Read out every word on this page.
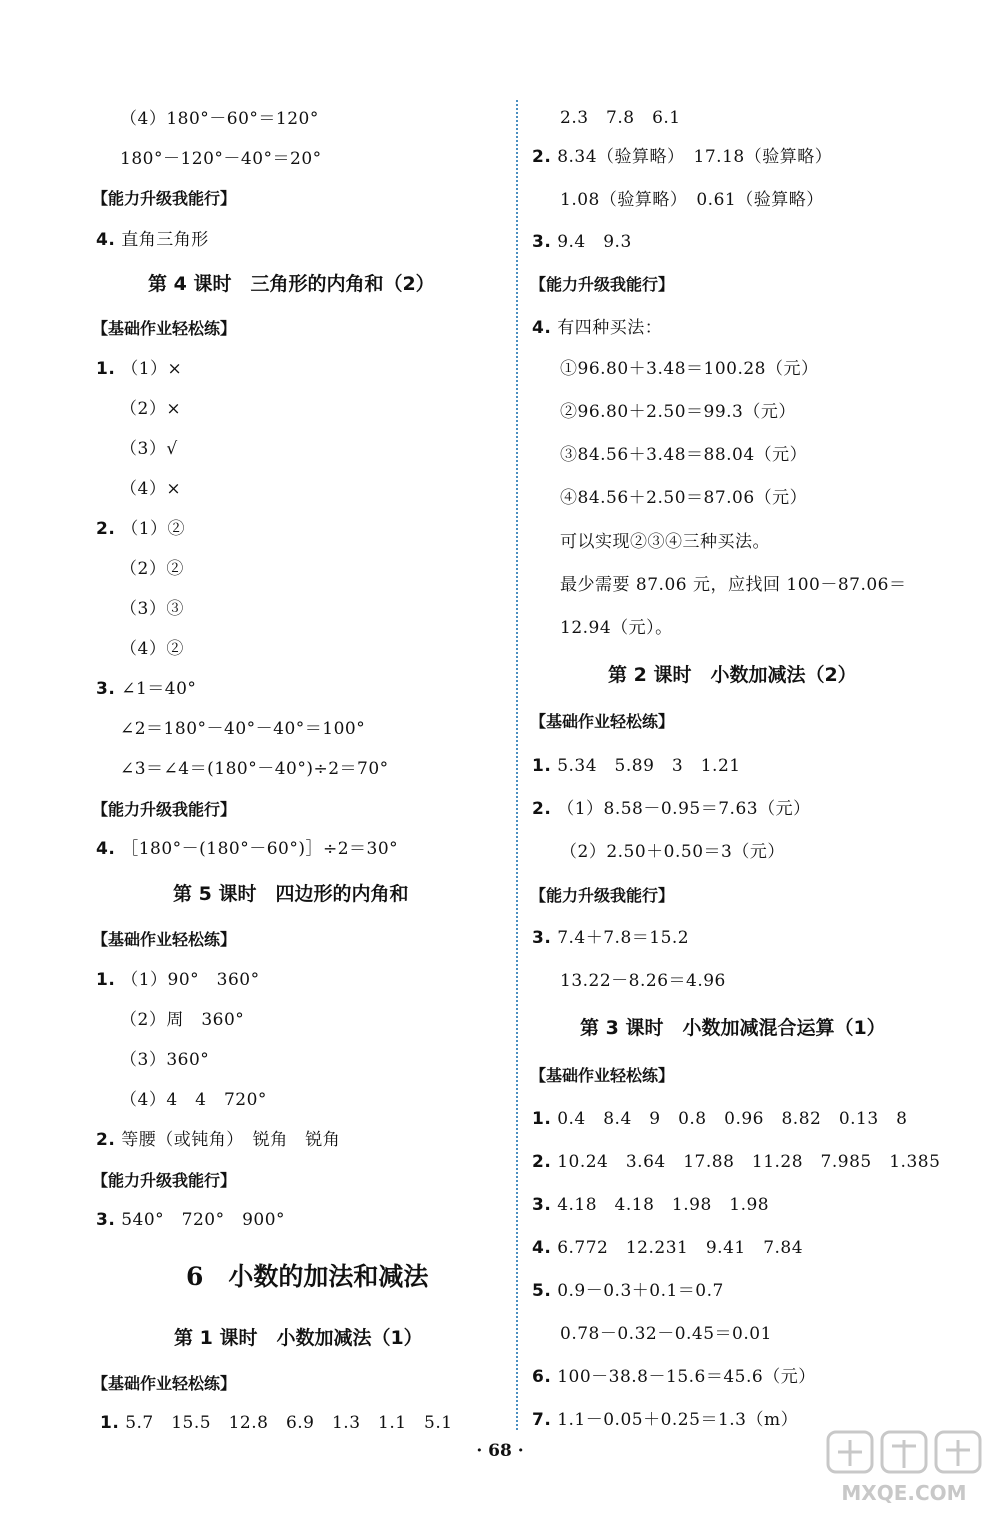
（4）180°－60°＝120°
180°－120°－40°＝20°
【能力升级我能行】
4. 直角三角形
第 4 课时　三角形的内角和（2）
【基础作业轻松练】
1. （1）×
（2）×
（3）√
（4）×
2. （1）②
（2）②
（3）③
（4）②
3. ∠1＝40°
∠2＝180°－40°－40°＝100°
∠3＝∠4＝(180°－40°)÷2＝70°
【能力升级我能行】
4. ［180°－(180°－60°)］÷2＝30°
第 5 课时　四边形的内角和
【基础作业轻松练】
1. （1）90°　360°
（2）周　360°
（3）360°
（4）4　4　720°
2. 等腰（或钝角）　锐角　锐角
【能力升级我能行】
3. 540°　720°　900°
6　小数的加法和减法
第 1 课时　小数加减法（1）
【基础作业轻松练】
1. 5.7　15.5　12.8　6.9　1.3　1.1　5.1
2.3　7.8　6.1
2. 8.34（验算略）　17.18（验算略）
1.08（验算略）　0.61（验算略）
3. 9.4　9.3
【能力升级我能行】
4. 有四种买法：
①96.80＋3.48＝100.28（元）
②96.80＋2.50＝99.3（元）
③84.56＋3.48＝88.04（元）
④84.56＋2.50＝87.06（元）
可以实现②③④三种买法。
最少需要 87.06 元，应找回 100－87.06＝
12.94（元）。
第 2 课时　小数加减法（2）
【基础作业轻松练】
1. 5.34　5.89　3　1.21
2. （1）8.58－0.95＝7.63（元）
（2）2.50＋0.50＝3（元）
【能力升级我能行】
3. 7.4＋7.8＝15.2
13.22－8.26＝4.96
第 3 课时　小数加减混合运算（1）
【基础作业轻松练】
1. 0.4　8.4　9　0.8　0.96　8.82　0.13　8
2. 10.24　3.64　17.88　11.28　7.985　1.385
3. 4.18　4.18　1.98　1.98
4. 6.772　12.231　9.41　7.84
5. 0.9－0.3＋0.1＝0.7
0.78－0.32－0.45＝0.01
6. 100－38.8－15.6＝45.6（元）
7. 1.1－0.05＋0.25＝1.3（m）
· 68 ·
MXQE.COM
